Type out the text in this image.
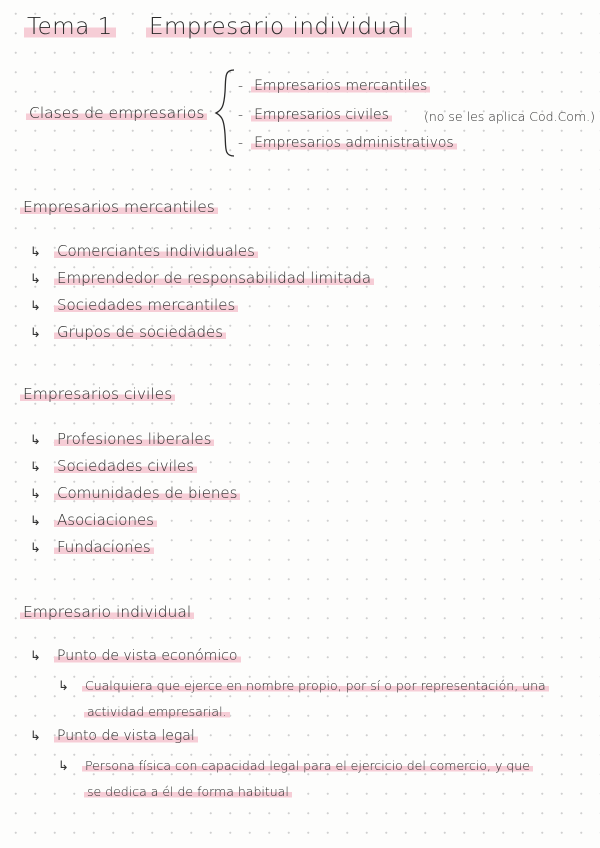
Tema 1 Empresario individual
Clases de empresarios
- Empresarios mercantiles
- Empresarios civiles	(no se les aplica Cod.Com.)
- Empresarios administrativos
Empresarios mercantiles
↳ Comerciantes individuales
↳ Emprendedor de responsabilidad limitada
↳ Sociedades mercantiles
↳ Grupos de sociedades
Empresarios civiles
↳ Profesiones liberales
↳ Sociedades civiles
↳ Comunidades de bienes
↳ Asociaciones
↳ Fundaciones
Empresario individual
↳ Punto de vista económico
↳ Cualquiera que ejerce en nombre propio, por sí o por representación, una
actividad empresarial.
↳ Punto de vista legal
↳ Persona física con capacidad legal para el ejercicio del comercio, y que
se dedica a él de forma habitual
